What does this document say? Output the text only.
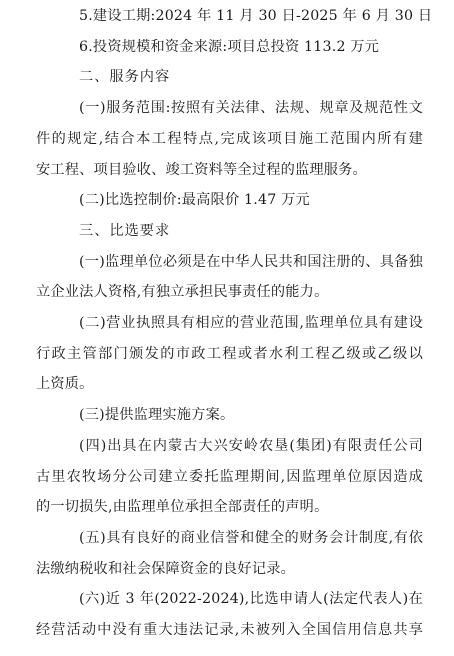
5.建设工期:2024 年 11 月 30 日-2025 年 6 月 30 日
6.投资规模和资金来源:项目总投资 113.2 万元
二、服务内容
(一)服务范围:按照有关法律、法规、规章及规范性文
件的规定,结合本工程特点,完成该项目施工范围内所有建
安工程、项目验收、竣工资料等全过程的监理服务。
(二)比选控制价:最高限价 1.47 万元
三、比选要求
(一)监理单位必须是在中华人民共和国注册的、具备独
立企业法人资格,有独立承担民事责任的能力。
(二)营业执照具有相应的营业范围,监理单位具有建设
行政主管部门颁发的市政工程或者水利工程乙级或乙级以
上资质。
(三)提供监理实施方案。
(四)出具在内蒙古大兴安岭农垦(集团)有限责任公司
古里农牧场分公司建立委托监理期间,因监理单位原因造成
的一切损失,由监理单位承担全部责任的声明。
(五)具有良好的商业信誉和健全的财务会计制度,有依
法缴纳税收和社会保障资金的良好记录。
(六)近 3 年(2022-2024),比选申请人(法定代表人)在
经营活动中没有重大违法记录,未被列入全国信用信息共享
